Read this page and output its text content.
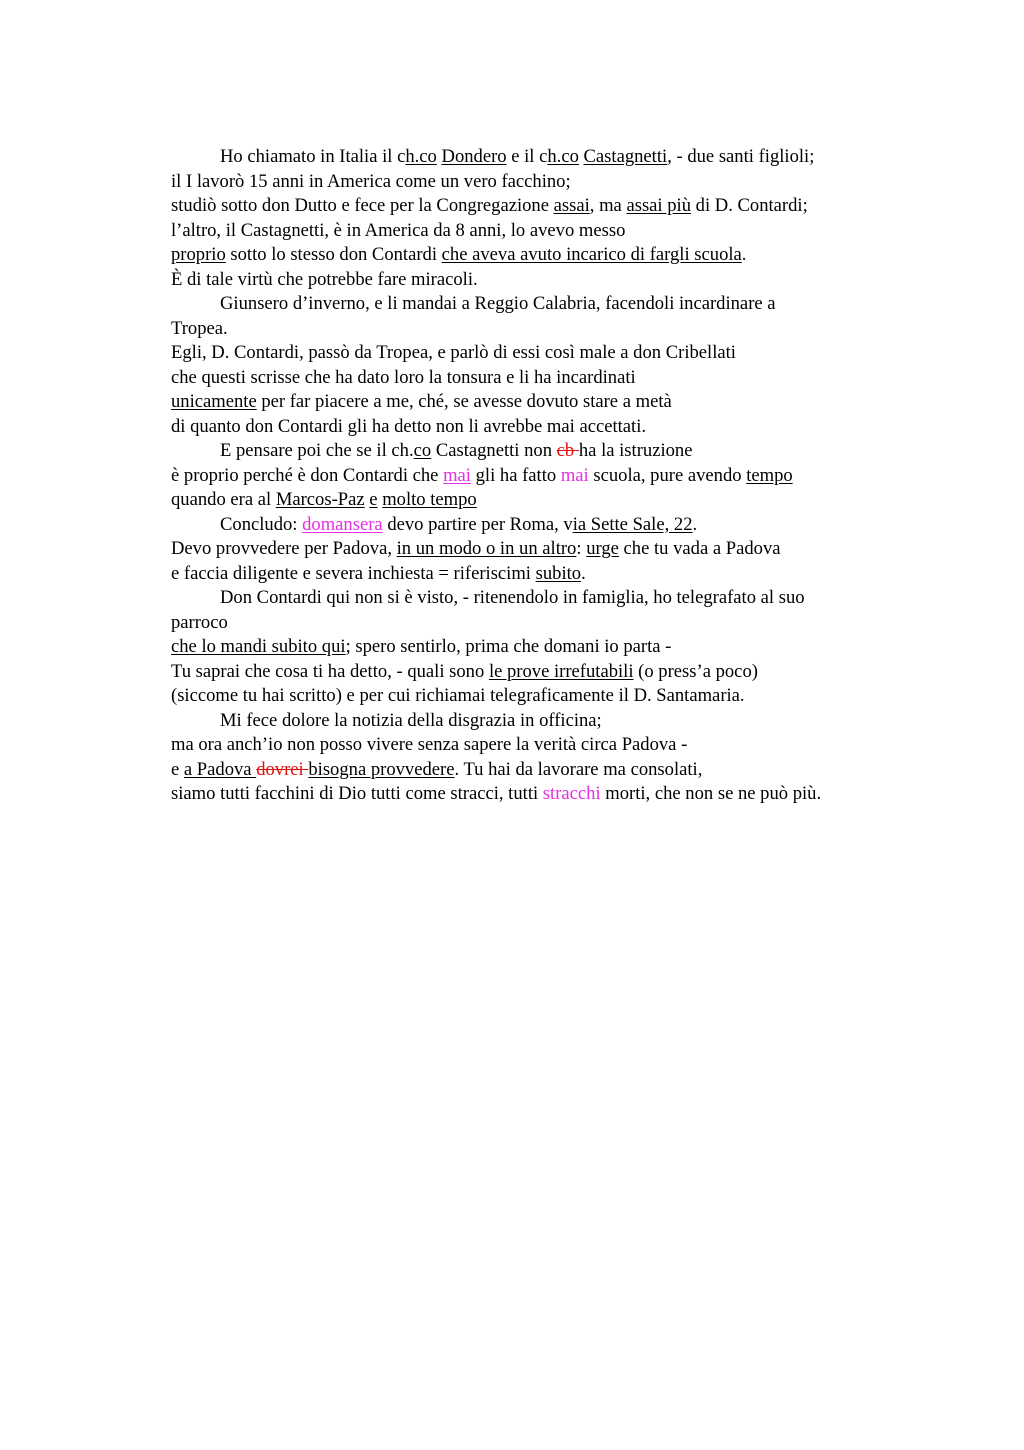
Ho chiamato in Italia il ch.co Dondero e il ch.co Castagnetti, - due santi figlioli;
il I lavorò 15 anni in America come un vero facchino;
studiò sotto don Dutto e fece per la Congregazione assai, ma assai più di D. Contardi;
l’altro, il Castagnetti, è in America da 8 anni, lo avevo messo
proprio sotto lo stesso don Contardi che aveva avuto incarico di fargli scuola.
È di tale virtù che potrebbe fare miracoli.
Giunsero d’inverno, e li mandai a Reggio Calabria, facendoli incardinare a
Tropea.
Egli, D. Contardi, passò da Tropea, e parlò di essi così male a don Cribellati
che questi scrisse che ha dato loro la tonsura e li ha incardinati
unicamente per far piacere a me, ché, se avesse dovuto stare a metà
di quanto don Contardi gli ha detto non li avrebbe mai accettati.
E pensare poi che se il ch.co Castagnetti non cb ha la istruzione
è proprio perché è don Contardi che mai gli ha fatto mai scuola, pure avendo tempo
quando era al Marcos-Paz e molto tempo
Concludo: domansera devo partire per Roma, via Sette Sale, 22.
Devo provvedere per Padova, in un modo o in un altro: urge che tu vada a Padova
e faccia diligente e severa inchiesta = riferiscimi subito.
Don Contardi qui non si è visto, - ritenendolo in famiglia, ho telegrafato al suo
parroco
che lo mandi subito qui; spero sentirlo, prima che domani io parta -
Tu saprai che cosa ti ha detto, - quali sono le prove irrefutabili (o press’a poco)
(siccome tu hai scritto) e per cui richiamai telegraficamente il D. Santamaria.
Mi fece dolore la notizia della disgrazia in officina;
ma ora anch’io non posso vivere senza sapere la verità circa Padova -
e a Padova dovrei bisogna provvedere. Tu hai da lavorare ma consolati,
siamo tutti facchini di Dio tutti come stracci, tutti stracchi morti, che non se ne può più.
